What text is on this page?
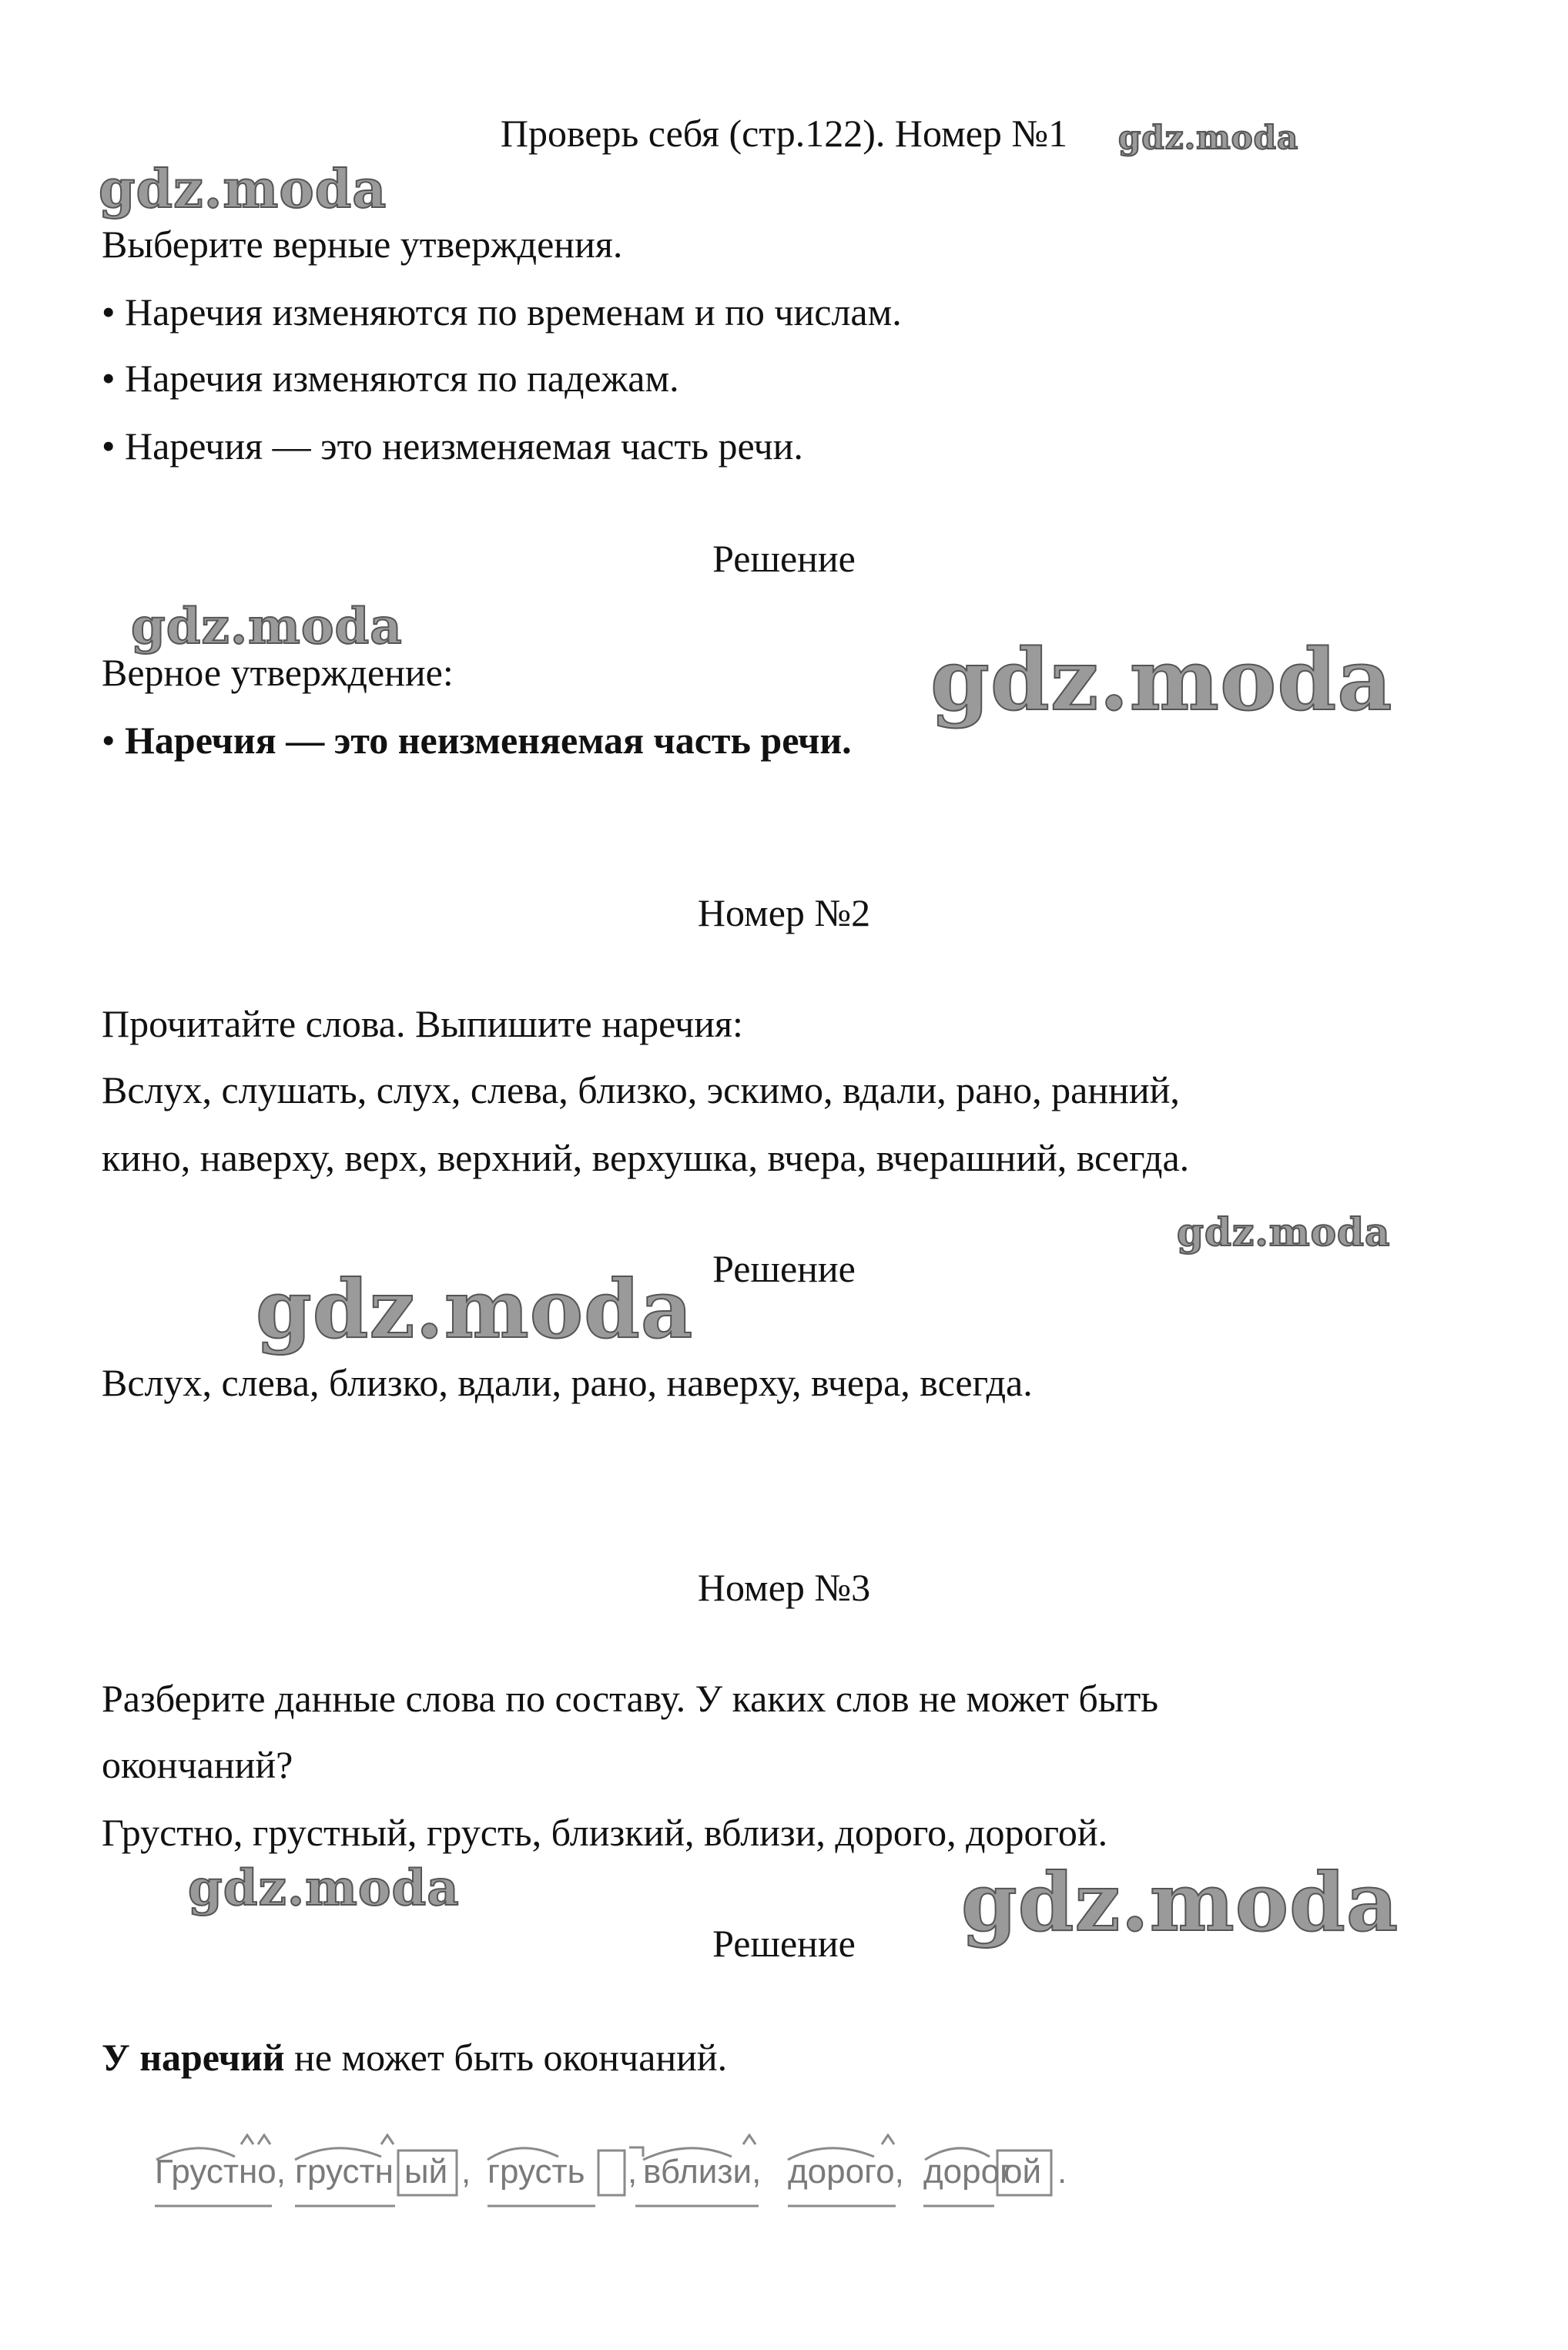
Проверь себя (стр.122). Номер №1	gdz.moda
gdz.moda
gdz.moda
gdz.moda
gdz.moda
gdz.moda
gdz.moda	gdz.moda
Выберите верные утверждения.
• Наречия изменяются по временам и по числам.
• Наречия изменяются по падежам.
• Наречия — это неизменяемая часть речи.
Решение
Верное утверждение:
• Наречия — это неизменяемая часть речи.
Номер №2
Прочитайте слова. Выпишите наречия:
Вслух, слушать, слух, слева, близко, эскимо, вдали, рано, ранний,
кино, наверху, верх, верхний, верхушка, вчера, вчерашний, всегда.
Решение
Вслух, слева, близко, вдали, рано, наверху, вчера, всегда.
Номер №3
Разберите данные слова по составу. У каких слов не может быть
окончаний?
Грустно, грустный, грусть, близкий, вблизи, дорого, дорогой.
Решение
У наречий не может быть окончаний.
Грустно, грустн ый , грусть , вблизи, дорого, дорог
ой .
